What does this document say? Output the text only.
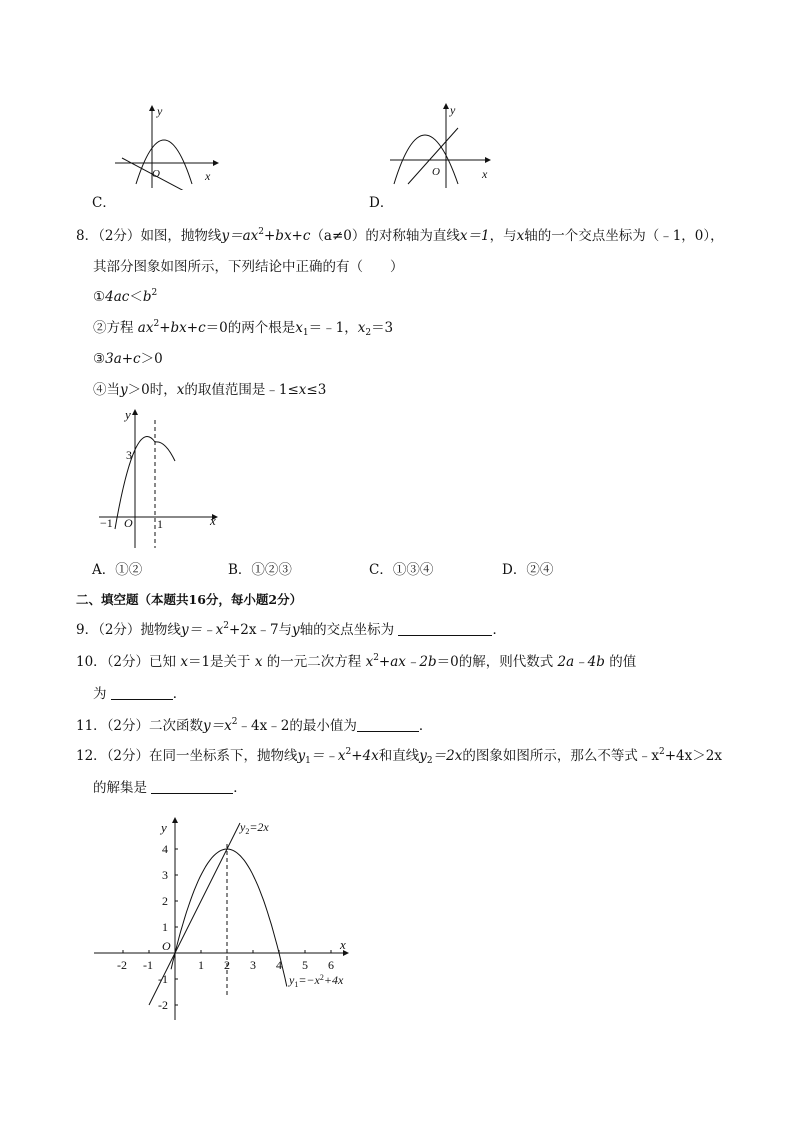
y
x
O
C．
y
x
O
D．
8．（2分）如图，抛物线$y=ax^2+bx+c(a\ne 0)$的对称轴为直线x＝1，与x轴的一个交点坐标为（﹣1，0），
其部分图象如图所示，下列结论中正确的有（　　）
$①4ac<b^2$
②方程 $ax^2+bx+c=0$的两个根是$x_1=﹣1$，$x_2=3$
③3a+c＞0
④当y＞0时，x的取值范围是﹣1≤x≤3
y
x
O
3
−1	1
A．①②	B．①②③	C．①③④	D．②④
二、填空题（本题共16分，每小题2分）
9．（2分）抛物线$y=﹣x^2+2x﹣7$与y轴的交点坐标为	．
10．（2分）已知 x＝1是关于 x 的一元二次方程 $x^2+ax﹣2b=0$的解，则代数式 2a﹣4b 的值
为	．
11．（2分）二次函数$y=x^2﹣4x﹣2$的最小值为	．
12．（2分）在同一坐标系下，抛物线$y_1=﹣x^2+4x$和直线$y_2=2x$的图象如图所示，那么不等式$﹣x^2+4x>2x$
的解集是	．
y
x
O
$y_2=2x$
$y_1=-x^2+4x$
-2 -1	1 2 3 4 5 6
4
3
2
1
-1
-2
